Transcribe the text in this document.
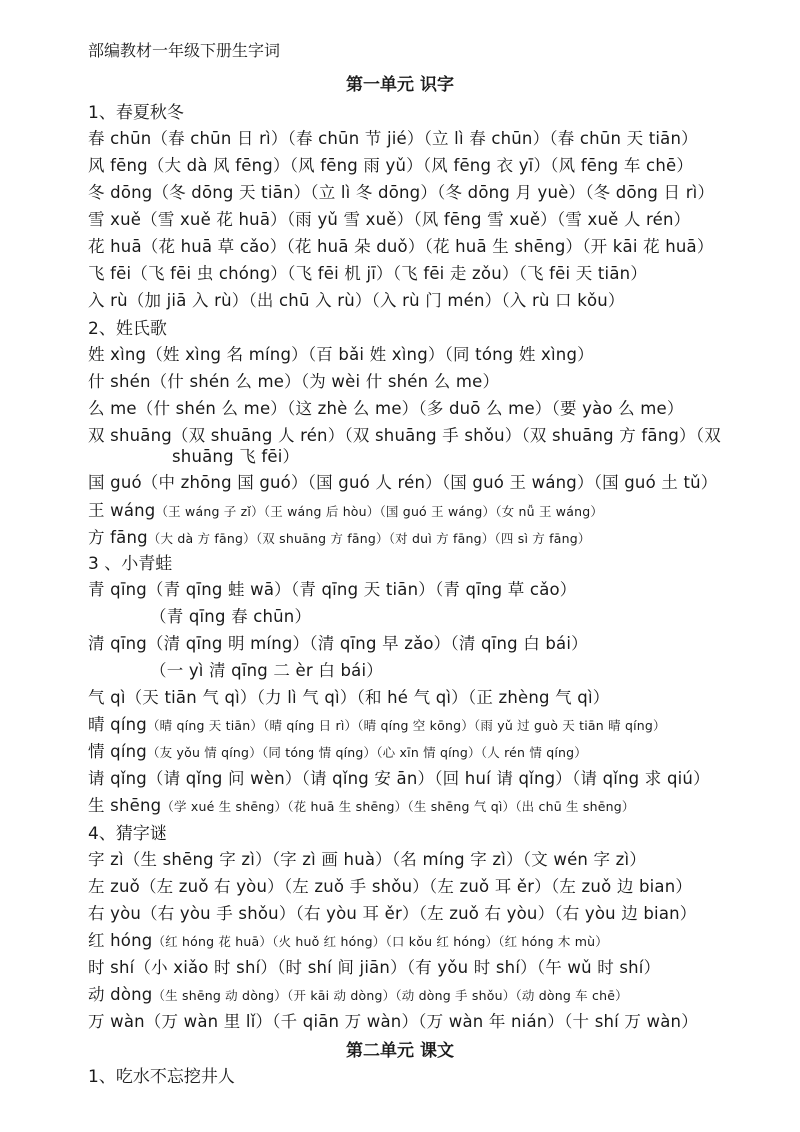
部编教材一年级下册生字词
第一单元 识字
1、春夏秋冬
春 chūn（春 chūn 日 rì）（春 chūn 节 jié）（立 lì 春 chūn）（春 chūn 天 tiān）
风 fēng（大 dà 风 fēng）（风 fēng 雨 yǔ）（风 fēng 衣 yī）（风 fēng 车 chē）
冬 dōng（冬 dōng 天 tiān）（立 lì 冬 dōng）（冬 dōng 月 yuè）（冬 dōng 日 rì）
雪 xuě（雪 xuě 花 huā）（雨 yǔ 雪 xuě）（风 fēng 雪 xuě）（雪 xuě 人 rén）
花 huā（花 huā 草 cǎo）（花 huā 朵 duǒ）（花 huā 生 shēng）（开 kāi 花 huā）
飞 fēi（飞 fēi 虫 chóng）（飞 fēi 机 jī）（飞 fēi 走 zǒu）（飞 fēi 天 tiān）
入 rù（加 jiā 入 rù）（出 chū 入 rù）（入 rù 门 mén）（入 rù 口 kǒu）
2、姓氏歌
姓 xìng（姓 xìng 名 míng）（百 bǎi 姓 xìng）（同 tóng 姓 xìng）
什 shén（什 shén 么 me）（为 wèi 什 shén 么 me）
么 me（什 shén 么 me）（这 zhè 么 me）（多 duō 么 me）（要 yào 么 me）
双 shuāng（双 shuāng 人 rén）（双 shuāng 手 shǒu）（双 shuāng 方 fāng）（双
shuāng 飞 fēi）
国 guó（中 zhōng 国 guó）（国 guó 人 rén）（国 guó 王 wáng）（国 guó 土 tǔ）
王 wáng（王 wáng 子 zǐ）（王 wáng 后 hòu）（国 guó 王 wáng）（女 nǚ 王 wáng）
方 fāng（大 dà 方 fāng）（双 shuāng 方 fāng）（对 duì 方 fāng）（四 sì 方 fāng）
3 、小青蛙
青 qīng（青 qīng 蛙 wā）（青 qīng 天 tiān）（青 qīng 草 cǎo）
（青 qīng 春 chūn）
清 qīng（清 qīng 明 míng）（清 qīng 早 zǎo）（清 qīng 白 bái）
（一 yì 清 qīng 二 èr 白 bái）
气 qì（天 tiān 气 qì）（力 lì 气 qì）（和 hé 气 qì）（正 zhèng 气 qì）
晴 qíng（晴 qíng 天 tiān）（晴 qíng 日 rì）（晴 qíng 空 kōng）（雨 yǔ 过 guò 天 tiān 晴 qíng）
情 qíng（友 yǒu 情 qíng）（同 tóng 情 qíng）（心 xīn 情 qíng）（人 rén 情 qíng）
请 qǐng（请 qǐng 问 wèn）（请 qǐng 安 ān）（回 huí 请 qǐng）（请 qǐng 求 qiú）
生 shēng（学 xué 生 shēng）（花 huā 生 shēng）（生 shēng 气 qì）（出 chū 生 shēng）
4、猜字谜
字 zì（生 shēng 字 zì）（字 zì 画 huà）（名 míng 字 zì）（文 wén 字 zì）
左 zuǒ（左 zuǒ 右 yòu）（左 zuǒ 手 shǒu）（左 zuǒ 耳 ěr）（左 zuǒ 边 bian）
右 yòu（右 yòu 手 shǒu）（右 yòu 耳 ěr）（左 zuǒ 右 yòu）（右 yòu 边 bian）
红 hóng（红 hóng 花 huā）（火 huǒ 红 hóng）（口 kǒu 红 hóng）（红 hóng 木 mù）
时 shí（小 xiǎo 时 shí）（时 shí 间 jiān）（有 yǒu 时 shí）（午 wǔ 时 shí）
动 dòng（生 shēng 动 dòng）（开 kāi 动 dòng）（动 dòng 手 shǒu）（动 dòng 车 chē）
万 wàn（万 wàn 里 lǐ）（千 qiān 万 wàn）（万 wàn 年 nián）（十 shí 万 wàn）
第二单元 课文
1、吃水不忘挖井人
